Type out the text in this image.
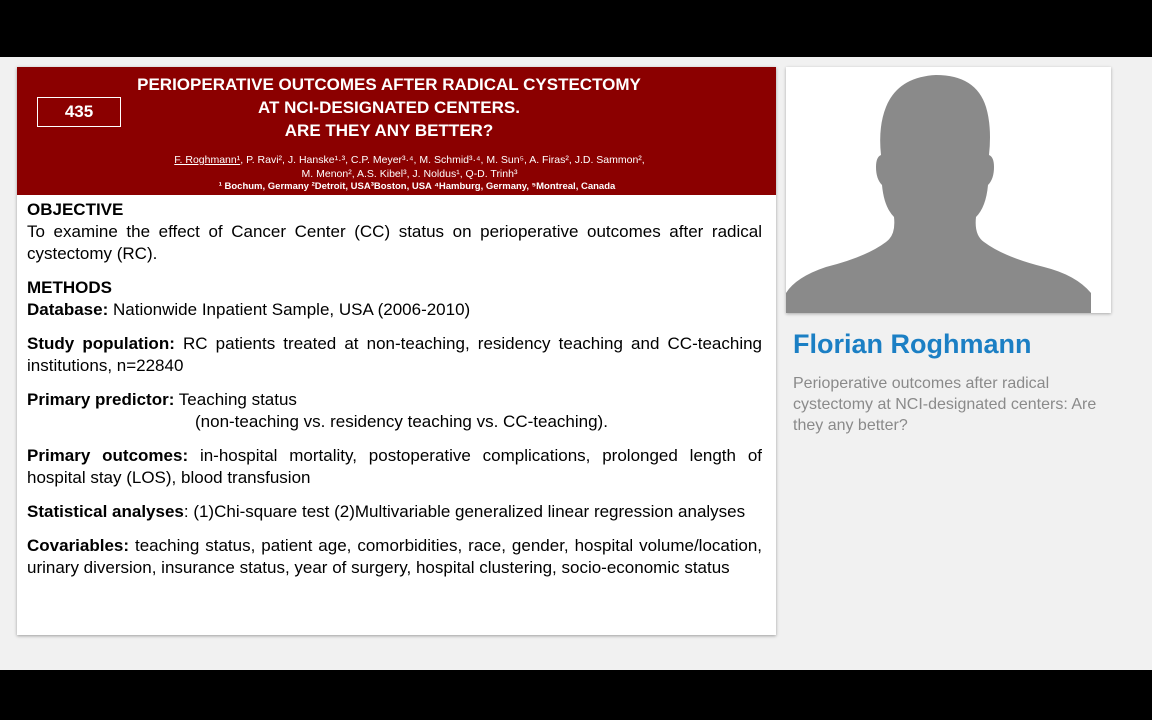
435
PERIOPERATIVE OUTCOMES AFTER RADICAL CYSTECTOMY
AT NCI-DESIGNATED CENTERS.
ARE THEY ANY BETTER?
F. Roghmann¹, P. Ravi², J. Hanske¹·³, C.P. Meyer³·⁴, M. Schmid³·⁴, M. Sun⁵, A. Firas², J.D. Sammon²,
M. Menon², A.S. Kibel³, J. Noldus¹, Q-D. Trinh³
¹ Bochum, Germany ²Detroit, USA³Boston, USA ⁴Hamburg, Germany, ⁵Montreal, Canada

OBJECTIVE

To examine the effect of Cancer Center (CC) status on perioperative outcomes after radical cystectomy (RC).

METHODS

Database: Nationwide Inpatient Sample, USA (2006-2010)

Study population: RC patients treated at non-teaching, residency teaching and CC-teaching institutions, n=22840

Primary predictor: Teaching status

(non-teaching vs. residency teaching vs. CC-teaching).

Primary outcomes: in-hospital mortality, postoperative complications, prolonged length of hospital stay (LOS), blood transfusion

Statistical analyses: (1)Chi-square test (2)Multivariable generalized linear regression analyses

Covariables: teaching status, patient age, comorbidities, race, gender, hospital volume/location, urinary diversion, insurance status, year of surgery, hospital clustering, socio-economic status

Florian Roghmann
Perioperative outcomes after radical cystectomy at NCI-designated centers: Are they any better?
